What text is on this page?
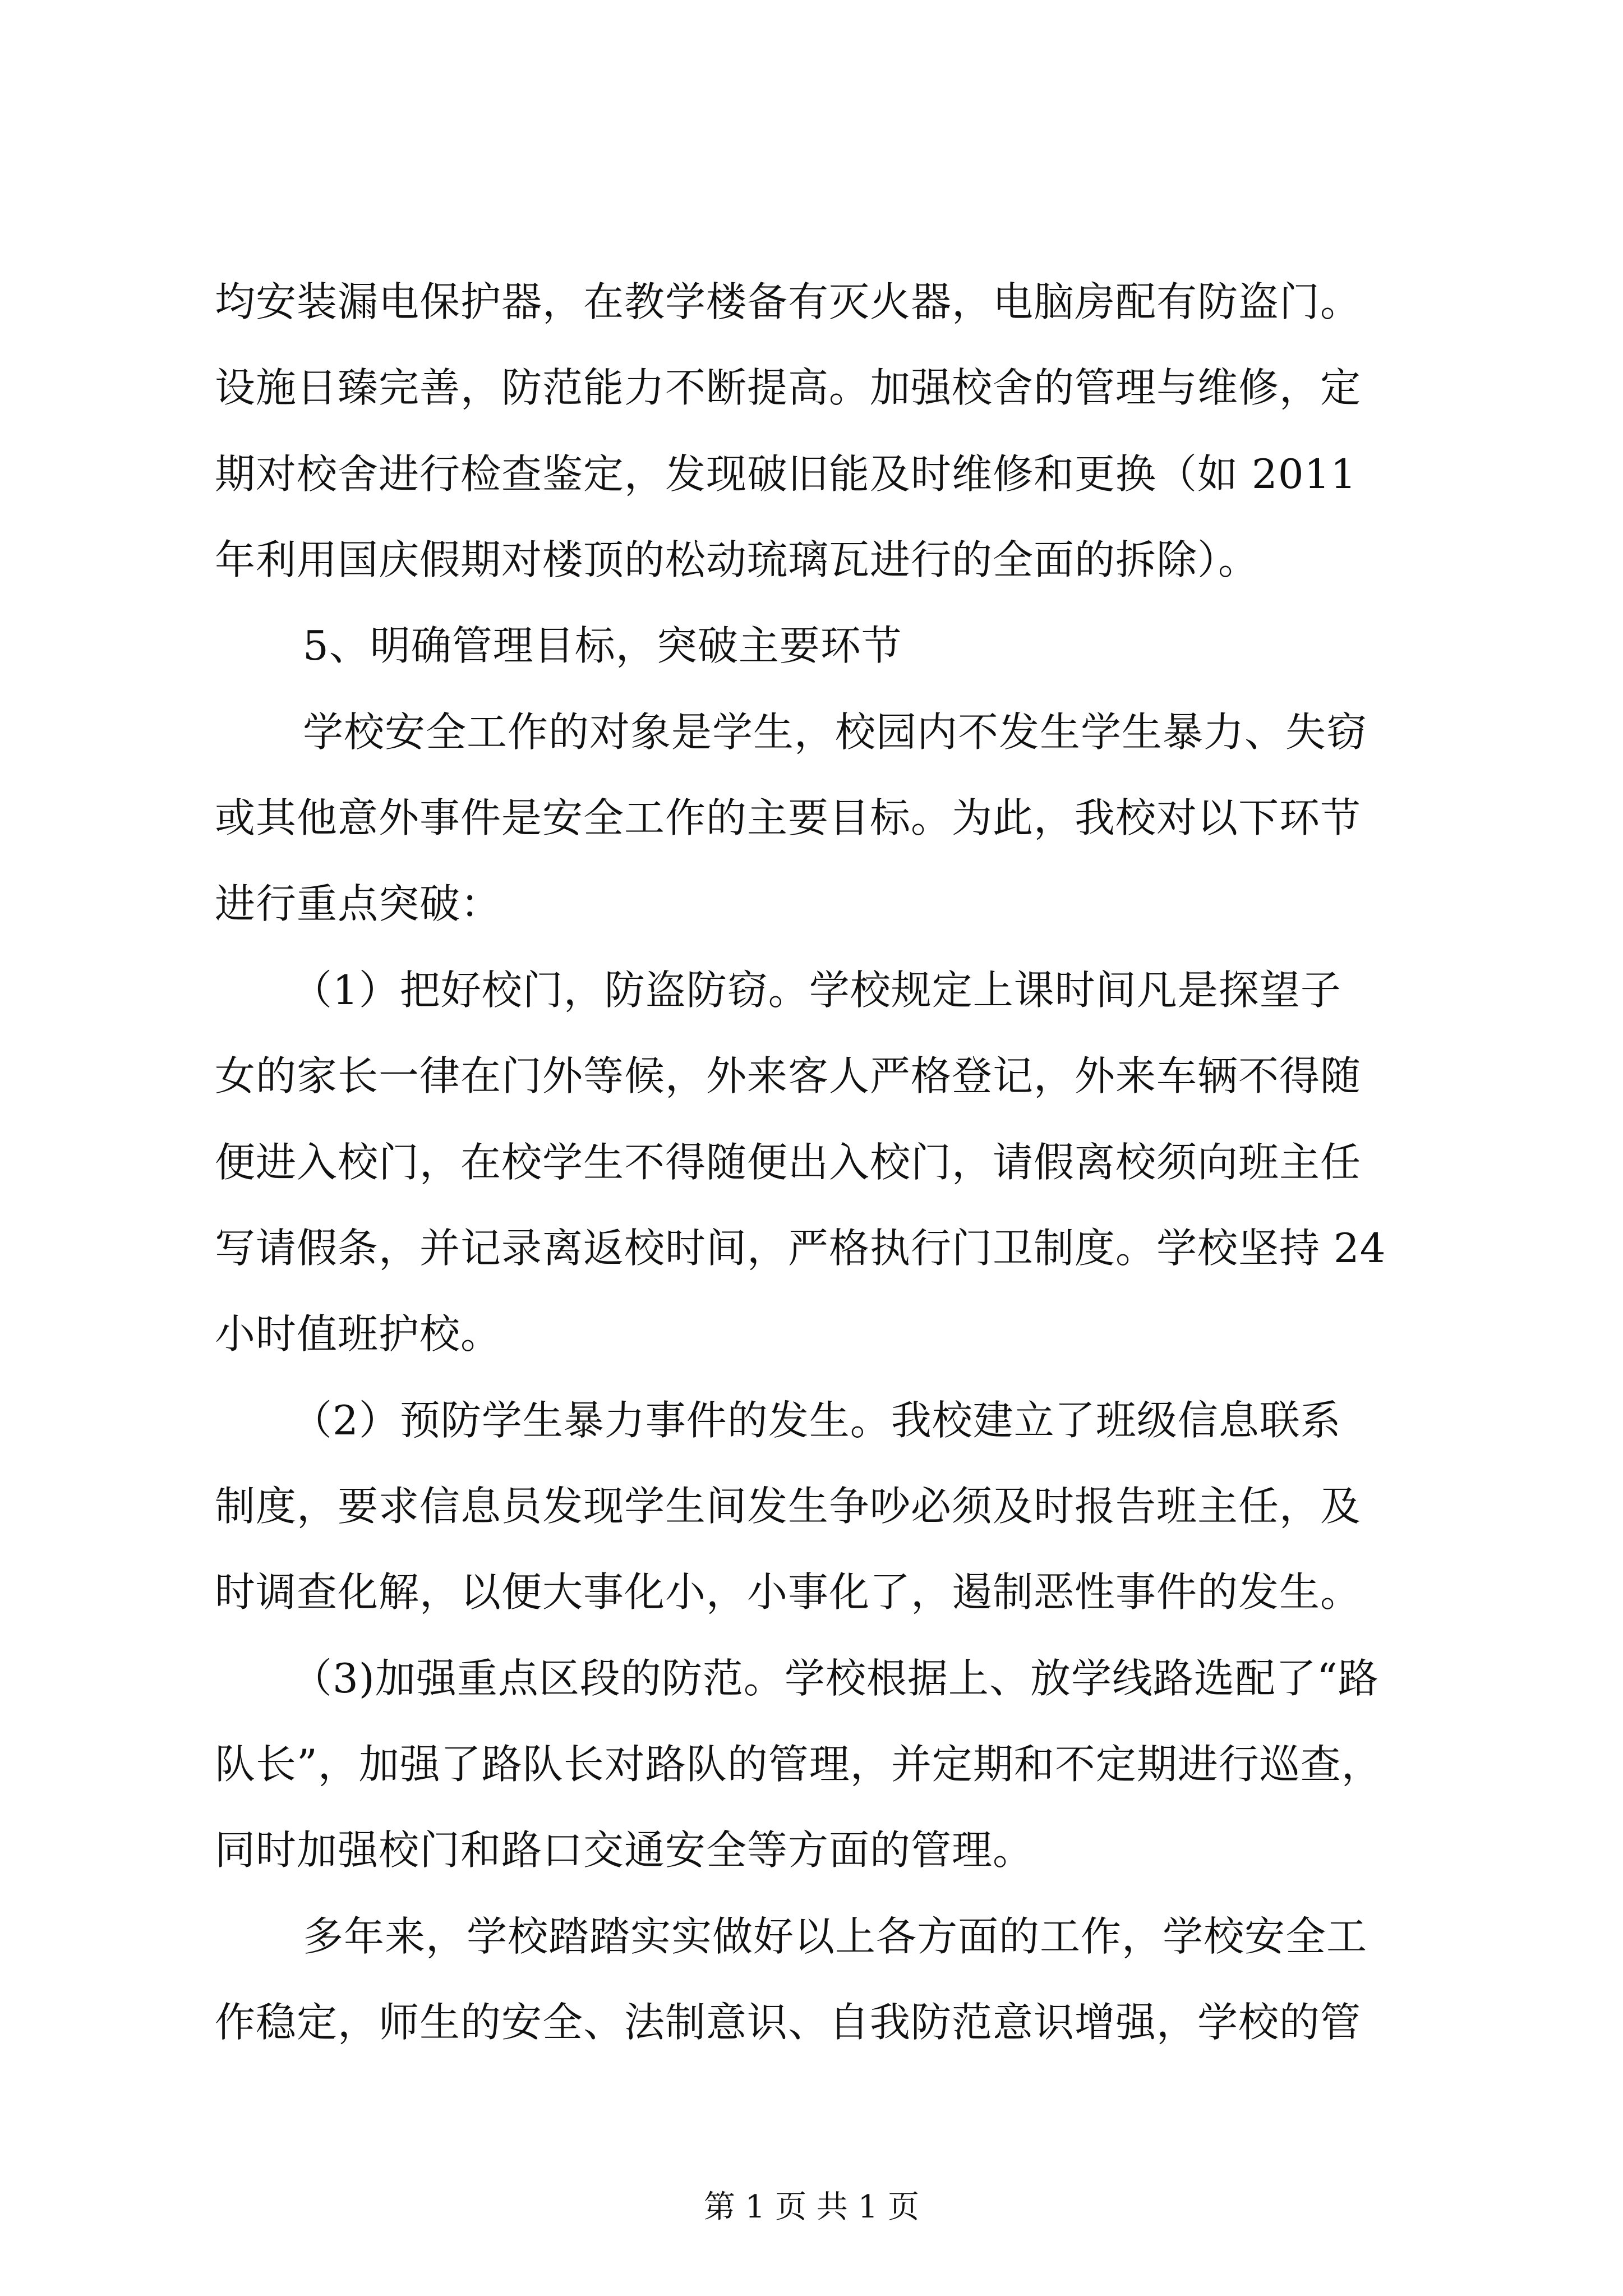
均安装漏电保护器，在教学楼备有灭火器，电脑房配有防盗门。
设施日臻完善，防范能力不断提高。加强校舍的管理与维修，定
期对校舍进行检查鉴定，发现破旧能及时维修和更换（如 2011
年利用国庆假期对楼顶的松动琉璃瓦进行的全面的拆除）。
5、明确管理目标，突破主要环节
学校安全工作的对象是学生，校园内不发生学生暴力、失窃
或其他意外事件是安全工作的主要目标。为此，我校对以下环节
进行重点突破：
（1）把好校门，防盗防窃。学校规定上课时间凡是探望子
女的家长一律在门外等候，外来客人严格登记，外来车辆不得随
便进入校门，在校学生不得随便出入校门，请假离校须向班主任
写请假条，并记录离返校时间，严格执行门卫制度。学校坚持 24
小时值班护校。
（2）预防学生暴力事件的发生。我校建立了班级信息联系
制度，要求信息员发现学生间发生争吵必须及时报告班主任，及
时调查化解，以便大事化小，小事化了，遏制恶性事件的发生。
（3)加强重点区段的防范。学校根据上、放学线路选配了“路
队长”，加强了路队长对路队的管理，并定期和不定期进行巡查，
同时加强校门和路口交通安全等方面的管理。
多年来，学校踏踏实实做好以上各方面的工作，学校安全工
作稳定，师生的安全、法制意识、自我防范意识增强，学校的管
第 1 页 共 1 页
